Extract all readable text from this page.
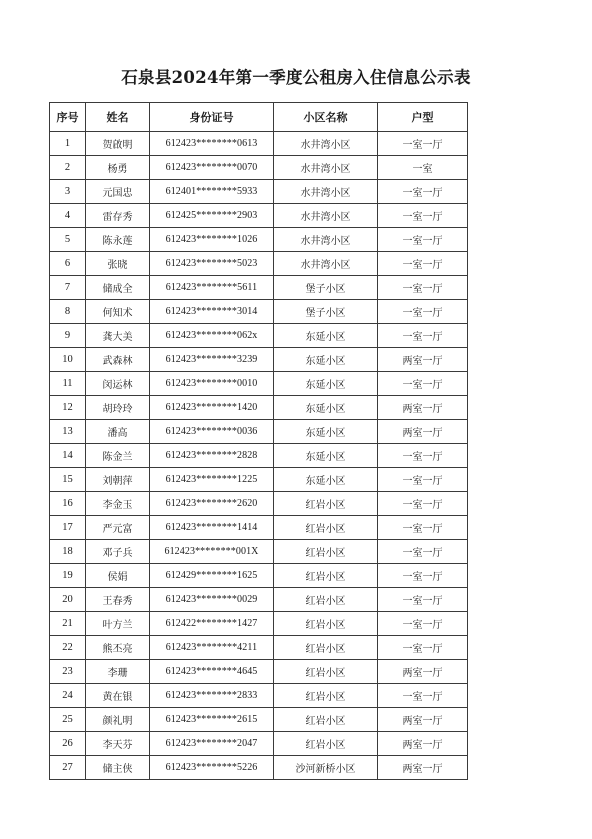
石泉县2024年第一季度公租房入住信息公示表
序号	姓名	身份证号	小区名称	户型
1	贺啟明	612423********0613	水井湾小区	一室一厅
2	杨勇	612423********0070	水井湾小区	一室
3	元国忠	612401********5933	水井湾小区	一室一厅
4	雷存秀	612425********2903	水井湾小区	一室一厅
5	陈永莲	612423********1026	水井湾小区	一室一厅
6	张晓	612423********5023	水井湾小区	一室一厅
7	储成全	612423********5611	堡子小区	一室一厅
8	何知术	612423********3014	堡子小区	一室一厅
9	龚大美	612423********062x	东延小区	一室一厅
10	武森林	612423********3239	东延小区	两室一厅
11	闵运林	612423********0010	东延小区	一室一厅
12	胡玲玲	612423********1420	东延小区	两室一厅
13	潘高	612423********0036	东延小区	两室一厅
14	陈金兰	612423********2828	东延小区	一室一厅
15	刘朝萍	612423********1225	东延小区	一室一厅
16	李金玉	612423********2620	红岩小区	一室一厅
17	严元富	612423********1414	红岩小区	一室一厅
18	邓子兵	612423********001X	红岩小区	一室一厅
19	侯娟	612429********1625	红岩小区	一室一厅
20	王春秀	612423********0029	红岩小区	一室一厅
21	叶方兰	612422********1427	红岩小区	一室一厅
22	熊丕亮	612423********4211	红岩小区	一室一厅
23	李珊	612423********4645	红岩小区	两室一厅
24	黄在银	612423********2833	红岩小区	一室一厅
25	颜礼明	612423********2615	红岩小区	两室一厅
26	李天芬	612423********2047	红岩小区	两室一厅
27	储主侠	612423********5226	沙河新桥小区	两室一厅
